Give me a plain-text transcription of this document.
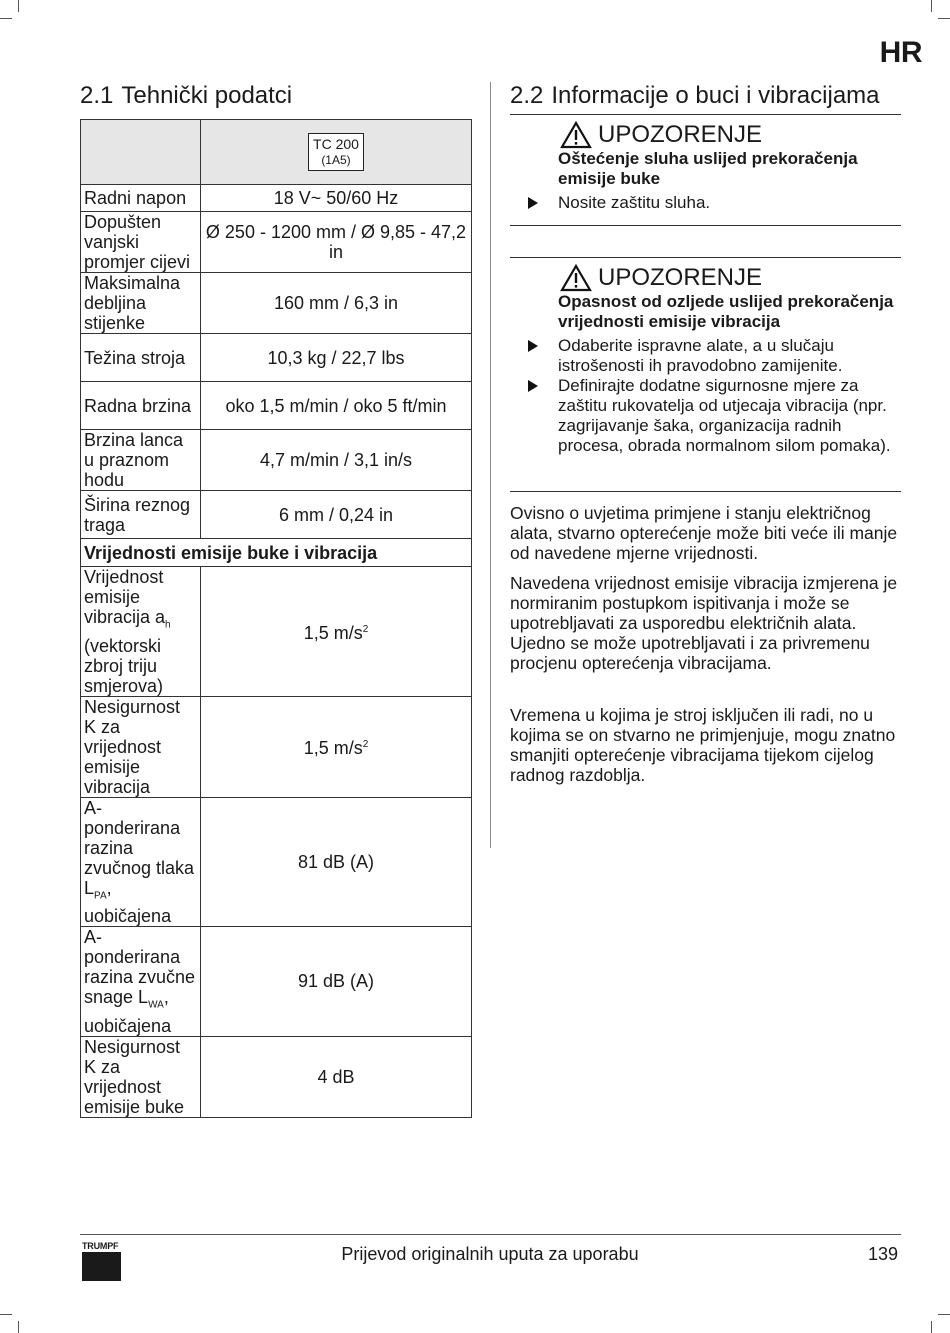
HR
2.1 Tehnički podatci
	TC 200
(1A5)

Radni napon	18 V~ 50/60 Hz
Dopušten vanjski promjer cijevi	Ø 250 - 1200 mm / Ø 9,85 - 47,2 in
Maksimalna debljina stijenke	160 mm / 6,3 in
Težina stroja	10,3 kg / 22,7 lbs
Radna brzina	oko 1,5 m/min / oko 5 ft/min
Brzina lanca u praznom hodu	4,7 m/min / 3,1 in/s
Širina reznog traga	6 mm / 0,24 in
Vrijednosti emisije buke i vibracija	
Vrijednost emisije vibracija $a_h$ (vektorski zbroj triju smjerova)	1,5 $m/s^2$
Nesigurnost K za vrijednost emisije vibracija	1,5 $m/s^2$
A-ponderirana razina zvučnog tlaka $L_{PA}$, uobičajena	81 dB (A)
A-ponderirana razina zvučne snage $L_{WA}$, uobičajena	91 dB (A)
Nesigurnost K za vrijednost emisije buke	4 dB
2.2 Informacije o buci i vibracijama
UPOZORENJE
Oštećenje sluha uslijed prekoračenja emisije buke
Nosite zaštitu sluha.
UPOZORENJE
Opasnost od ozljede uslijed prekoračenja vrijednosti emisije vibracija
Odaberite ispravne alate, a u slučaju istrošenosti ih pravodobno zamijenite.
Definirajte dodatne sigurnosne mjere za zaštitu rukovatelja od utjecaja vibracija (npr. zagrijavanje šaka, organizacija radnih procesa, obrada normalnom silom pomaka).

Ovisno o uvjetima primjene i stanju električnog alata, stvarno opterećenje može biti veće ili manje od navedene mjerne vrijednosti.

Navedena vrijednost emisije vibracija izmjerena je normiranim postupkom ispitivanja i može se upotrebljavati za usporedbu električnih alata. Ujedno se može upotrebljavati i za privremenu procjenu opterećenja vibracijama.

Vremena u kojima je stroj isključen ili radi, no u kojima se on stvarno ne primjenjuje, mogu znatno smanjiti opterećenje vibracijama tijekom cijelog radnog razdoblja.

TRUMPF	Prijevod originalnih uputa za uporabu	139
